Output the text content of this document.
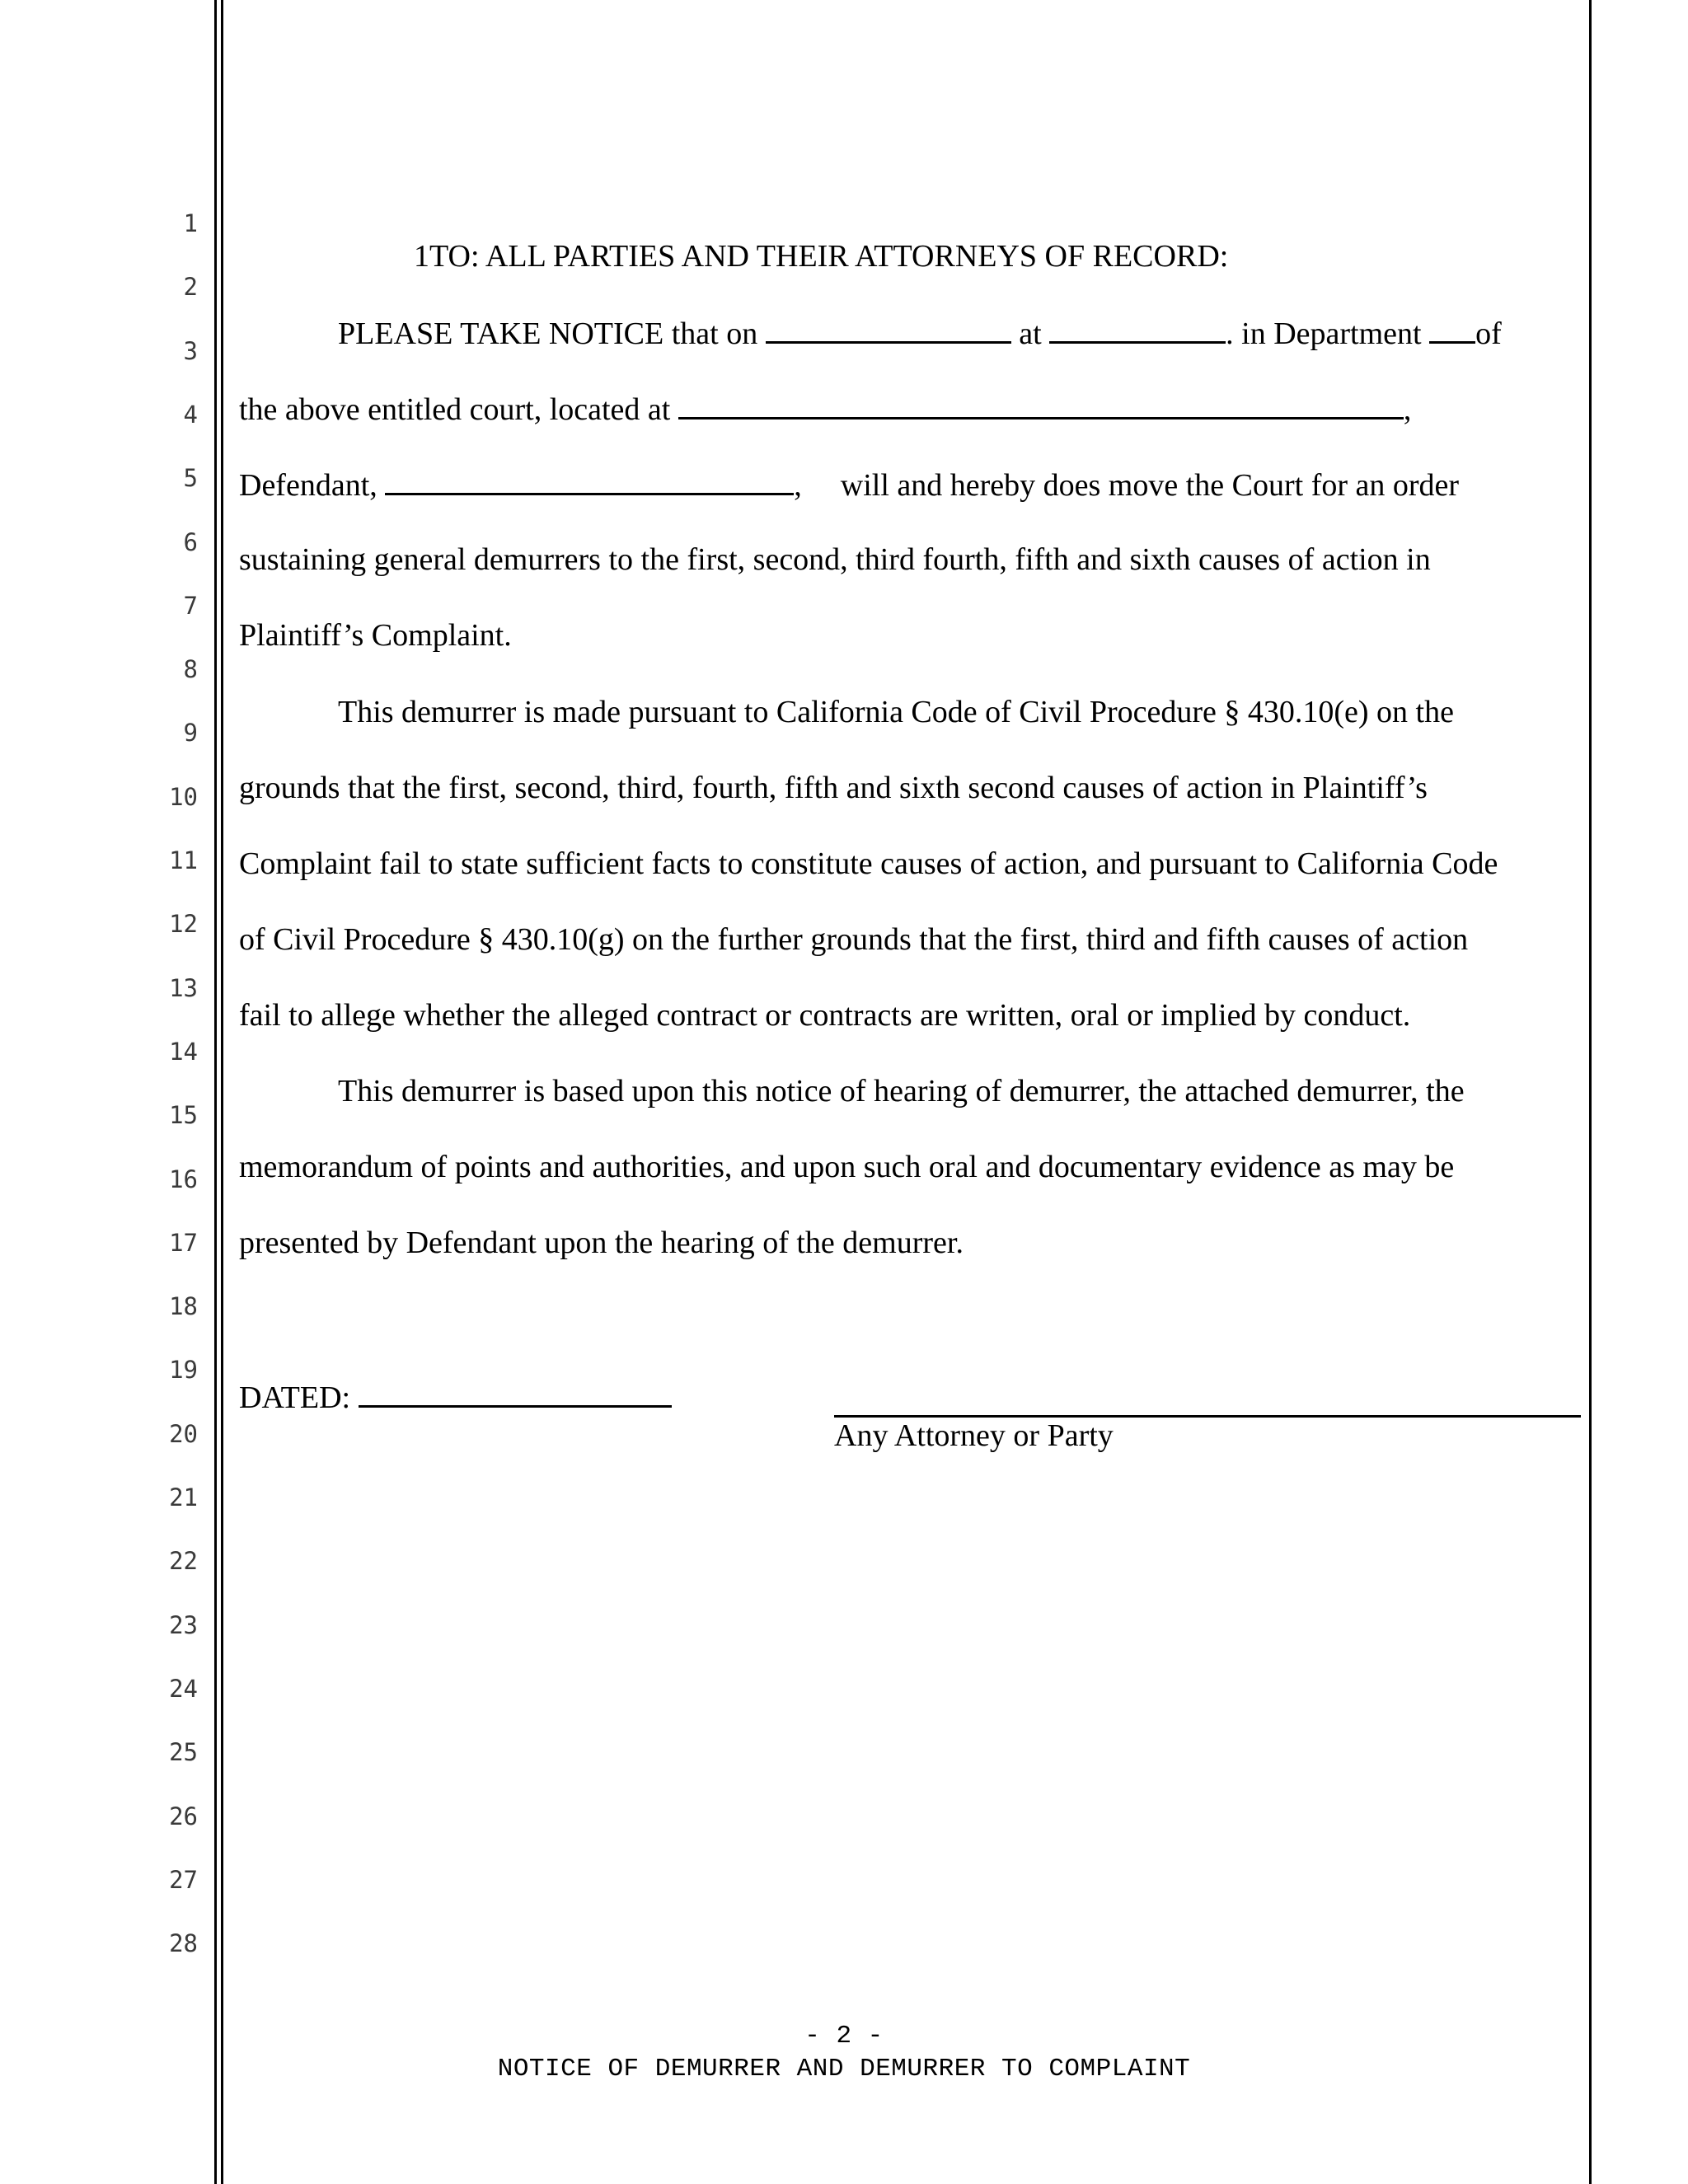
1
2
3
4
5
6
7
8
9
10
11
12
13
14
15
16
17
18
19
20
21
22
23
24
25
26
27
28
1TO: ALL PARTIES AND THEIR ATTORNEYS OF RECORD:
PLEASE TAKE NOTICE that on	at	. in Department of
the above entitled court, located at	,
Defendant,	, will and hereby does move the Court for an order
sustaining general demurrers to the first, second, third fourth, fifth and sixth causes of action in
Plaintiff’s Complaint.
This demurrer is made pursuant to California Code of Civil Procedure § 430.10(e) on the
grounds that the first, second, third, fourth, fifth and sixth second causes of action in Plaintiff’s
Complaint fail to state sufficient facts to constitute causes of action, and pursuant to California Code
of Civil Procedure § 430.10(g) on the further grounds that the first, third and fifth causes of action
fail to allege whether the alleged contract or contracts are written, oral or implied by conduct.
This demurrer is based upon this notice of hearing of demurrer, the attached demurrer, the
memorandum of points and authorities, and upon such oral and documentary evidence as may be
presented by Defendant upon the hearing of the demurrer.
DATED:
Any Attorney or Party
- 2 -
NOTICE OF DEMURRER AND DEMURRER TO COMPLAINT
